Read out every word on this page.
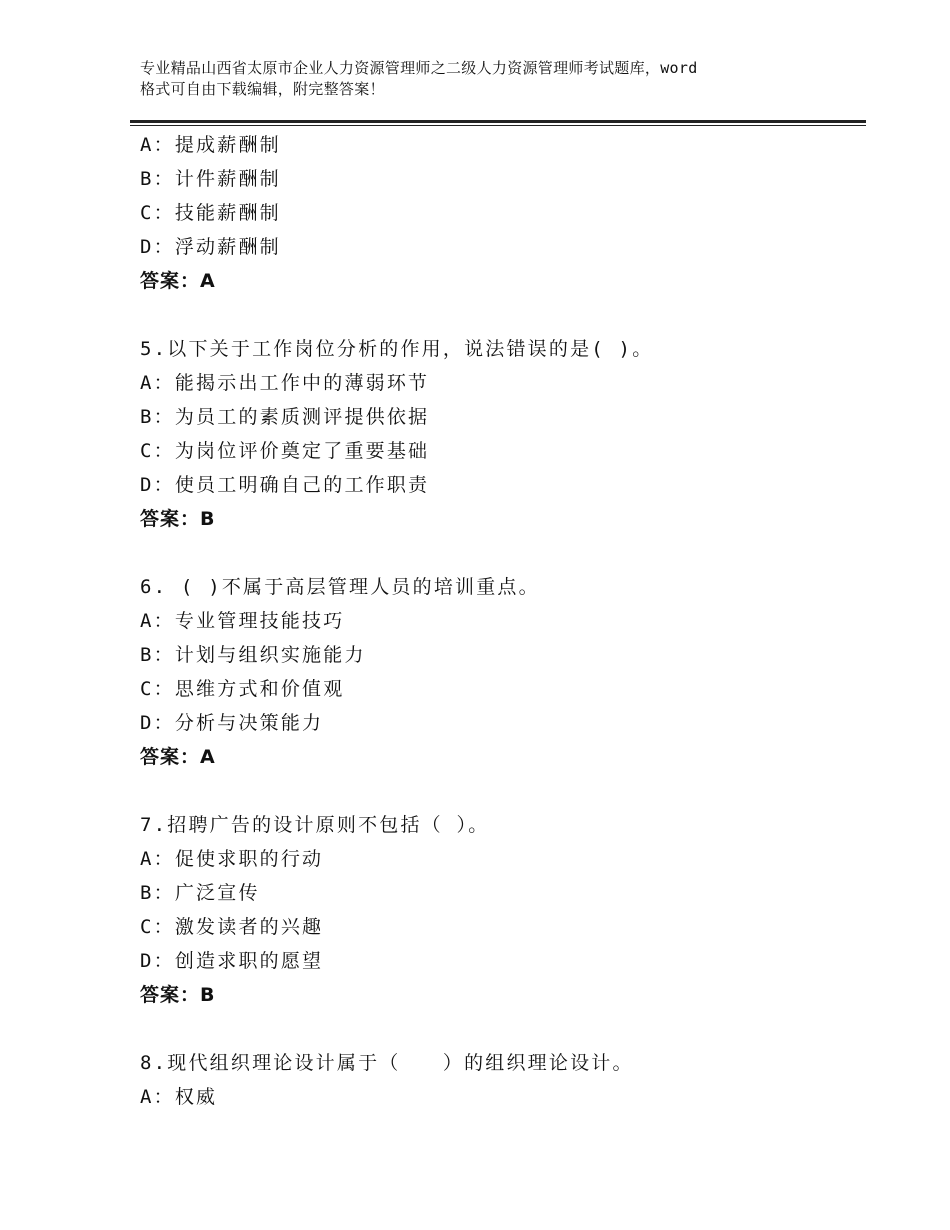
专业精品山西省太原市企业人力资源管理师之二级人力资源管理师考试题库，word
格式可自由下载编辑，附完整答案！
A：提成薪酬制
B：计件薪酬制
C：技能薪酬制
D：浮动薪酬制
答案：A
5.以下关于工作岗位分析的作用，说法错误的是( )。
A：能揭示出工作中的薄弱环节
B：为员工的素质测评提供依据
C：为岗位评价奠定了重要基础
D：使员工明确自己的工作职责
答案：B
6. ( )不属于高层管理人员的培训重点。
A：专业管理技能技巧
B：计划与组织实施能力
C：思维方式和价值观
D：分析与决策能力
答案：A
7.招聘广告的设计原则不包括（ ）。
A：促使求职的行动
B：广泛宣传
C：激发读者的兴趣
D：创造求职的愿望
答案：B
8.现代组织理论设计属于（　　）的组织理论设计。
A：权威
